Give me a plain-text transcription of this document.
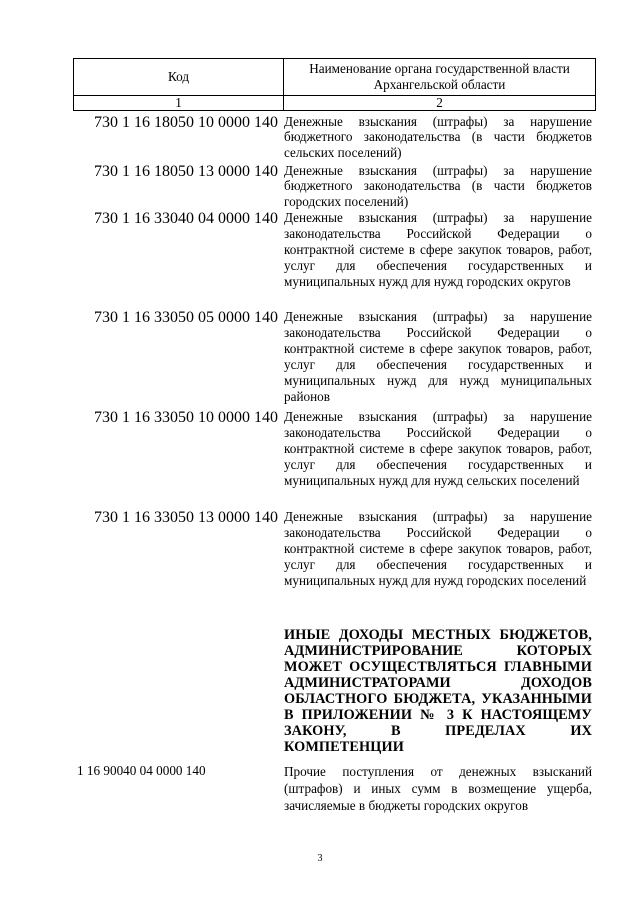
Код	Наименование органа государственной власти Архангельской области
1	2
730 1 16 18050 10 0000 140 Денежные взыскания (штрафы) за нарушение бюджетного законодательства (в части бюджетов сельских поселений)
730 1 16 18050 13 0000 140 Денежные взыскания (штрафы) за нарушение бюджетного законодательства (в части бюджетов городских поселений)
730 1 16 33040 04 0000 140 Денежные взыскания (штрафы) за нарушение законодательства Российской Федерации о контрактной системе в сфере закупок товаров, работ, услуг для обеспечения государственных и муниципальных нужд для нужд городских округов
730 1 16 33050 05 0000 140 Денежные взыскания (штрафы) за нарушение законодательства Российской Федерации о контрактной системе в сфере закупок товаров, работ, услуг для обеспечения государственных и муниципальных нужд для нужд муниципальных районов
730 1 16 33050 10 0000 140 Денежные взыскания (штрафы) за нарушение законодательства Российской Федерации о контрактной системе в сфере закупок товаров, работ, услуг для обеспечения государственных и муниципальных нужд для нужд сельских поселений
730 1 16 33050 13 0000 140 Денежные взыскания (штрафы) за нарушение законодательства Российской Федерации о контрактной системе в сфере закупок товаров, работ, услуг для обеспечения государственных и муниципальных нужд для нужд городских поселений
ИНЫЕ ДОХОДЫ МЕСТНЫХ БЮДЖЕТОВ, АДМИНИСТРИРОВАНИЕ КОТОРЫХ МОЖЕТ ОСУЩЕСТВЛЯТЬСЯ ГЛАВНЫМИ АДМИНИСТРАТОРАМИ ДОХОДОВ ОБЛАСТНОГО БЮДЖЕТА, УКАЗАННЫМИ В ПРИЛОЖЕНИИ № 3 К НАСТОЯЩЕМУ ЗАКОНУ, В ПРЕДЕЛАХ ИХ КОМПЕТЕНЦИИ
1 16 90040 04 0000 140	Прочие поступления от денежных взысканий (штрафов) и иных сумм в возмещение ущерба, зачисляемые в бюджеты городских округов
3
